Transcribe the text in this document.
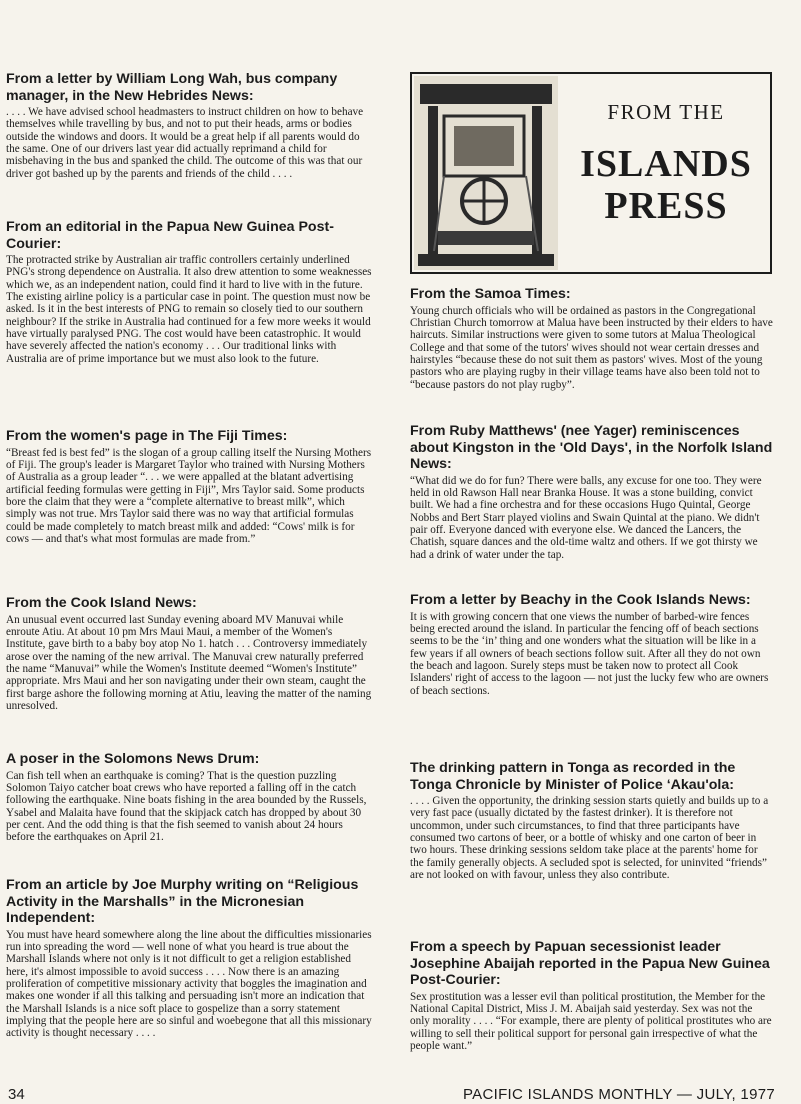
From a letter by William Long Wah, bus company manager, in the New Hebrides News:

. . . . We have advised school headmasters to instruct children on how to behave themselves while travelling by bus, and not to put their heads, arms or bodies outside the windows and doors. It would be a great help if all parents would do the same. One of our drivers last year did actually reprimand a child for misbehaving in the bus and spanked the child. The outcome of this was that our driver got bashed up by the parents and friends of the child . . . .

From an editorial in the Papua New Guinea Post-Courier:

The protracted strike by Australian air traffic controllers certainly underlined PNG's strong dependence on Australia. It also drew attention to some weaknesses which we, as an independent nation, could find it hard to live with in the future. The existing airline policy is a particular case in point. The question must now be asked. Is it in the best interests of PNG to remain so closely tied to our southern neighbour? If the strike in Australia had continued for a few more weeks it would have virtually paralysed PNG. The cost would have been catastrophic. It would have severely affected the nation's economy . . . Our traditional links with Australia are of prime importance but we must also look to the future.

From the women's page in The Fiji Times:

“Breast fed is best fed” is the slogan of a group calling itself the Nursing Mothers of Fiji. The group's leader is Margaret Taylor who trained with Nursing Mothers of Australia as a group leader “. . . we were appalled at the blatant advertising artificial feeding formulas were getting in Fiji”, Mrs Taylor said. Some products bore the claim that they were a “complete alternative to breast milk”, which simply was not true. Mrs Taylor said there was no way that artificial formulas could be made completely to match breast milk and added: “Cows' milk is for cows — and that's what most formulas are made from.”

From the Cook Island News:

An unusual event occurred last Sunday evening aboard MV Manuvai while enroute Atiu. At about 10 pm Mrs Maui Maui, a member of the Women's Institute, gave birth to a baby boy atop No 1. hatch . . . Controversy immediately arose over the naming of the new arrival. The Manuvai crew naturally preferred the name “Manuvai” while the Women's Institute deemed “Women's Institute” appropriate. Mrs Maui and her son navigating under their own steam, caught the first barge ashore the following morning at Atiu, leaving the matter of the naming unresolved.

A poser in the Solomons News Drum:

Can fish tell when an earthquake is coming? That is the question puzzling Solomon Taiyo catcher boat crews who have reported a falling off in the catch following the earthquake. Nine boats fishing in the area bounded by the Russels, Ysabel and Malaita have found that the skipjack catch has dropped by about 30 per cent. And the odd thing is that the fish seemed to vanish about 24 hours before the earthquakes on April 21.

From an article by Joe Murphy writing on “Religious Activity in the Marshalls” in the Micronesian Independent:

You must have heard somewhere along the line about the difficulties missionaries run into spreading the word — well none of what you heard is true about the Marshall Islands where not only is it not difficult to get a religion established here, it's almost impossible to avoid success . . . . Now there is an amazing proliferation of competitive missionary activity that boggles the imagination and makes one wonder if all this talking and persuading isn't more an indication that the Marshall Islands is a nice soft place to gospelize than a sorry statement implying that the people here are so sinful and woebegone that all this missionary activity is thought necessary . . . .

FROM THE
ISLANDS
PRESS

From the Samoa Times:

Young church officials who will be ordained as pastors in the Congregational Christian Church tomorrow at Malua have been instructed by their elders to have haircuts. Similar instructions were given to some tutors at Malua Theological College and that some of the tutors' wives should not wear certain dresses and hairstyles “because these do not suit them as pastors' wives. Most of the young pastors who are playing rugby in their village teams have also been told not to “because pastors do not play rugby”.

From Ruby Matthews' (nee Yager) reminiscences about Kingston in the 'Old Days', in the Norfolk Island News:

“What did we do for fun? There were balls, any excuse for one too. They were held in old Rawson Hall near Branka House. It was a stone building, convict built. We had a fine orchestra and for these occasions Hugo Quintal, George Nobbs and Bert Starr played violins and Swain Quintal at the piano. We didn't pair off. Everyone danced with everyone else. We danced the Lancers, the Chatish, square dances and the old-time waltz and others. If we got thirsty we had a drink of water under the tap.

From a letter by Beachy in the Cook Islands News:

It is with growing concern that one views the number of barbed-wire fences being erected around the island. In particular the fencing off of beach sections seems to be the ‘in’ thing and one wonders what the situation will be like in a few years if all owners of beach sections follow suit. After all they do not own the beach and lagoon. Surely steps must be taken now to protect all Cook Islanders' right of access to the lagoon — not just the lucky few who are owners of beach sections.

The drinking pattern in Tonga as recorded in the Tonga Chronicle by Minister of Police ‘Akau'ola:

. . . . Given the opportunity, the drinking session starts quietly and builds up to a very fast pace (usually dictated by the fastest drinker). It is therefore not uncommon, under such circumstances, to find that three participants have consumed two cartons of beer, or a bottle of whisky and one carton of beer in two hours. These drinking sessions seldom take place at the parents' home for the family generally objects. A secluded spot is selected, for uninvited “friends” are not looked on with favour, unless they also contribute.

From a speech by Papuan secessionist leader Josephine Abaijah reported in the Papua New Guinea Post-Courier:

Sex prostitution was a lesser evil than political prostitution, the Member for the National Capital District, Miss J. M. Abaijah said yesterday. Sex was not the only morality . . . . “For example, there are plenty of political prostitutes who are willing to sell their political support for personal gain irrespective of what the people want.”

34	PACIFIC ISLANDS MONTHLY — JULY, 1977
